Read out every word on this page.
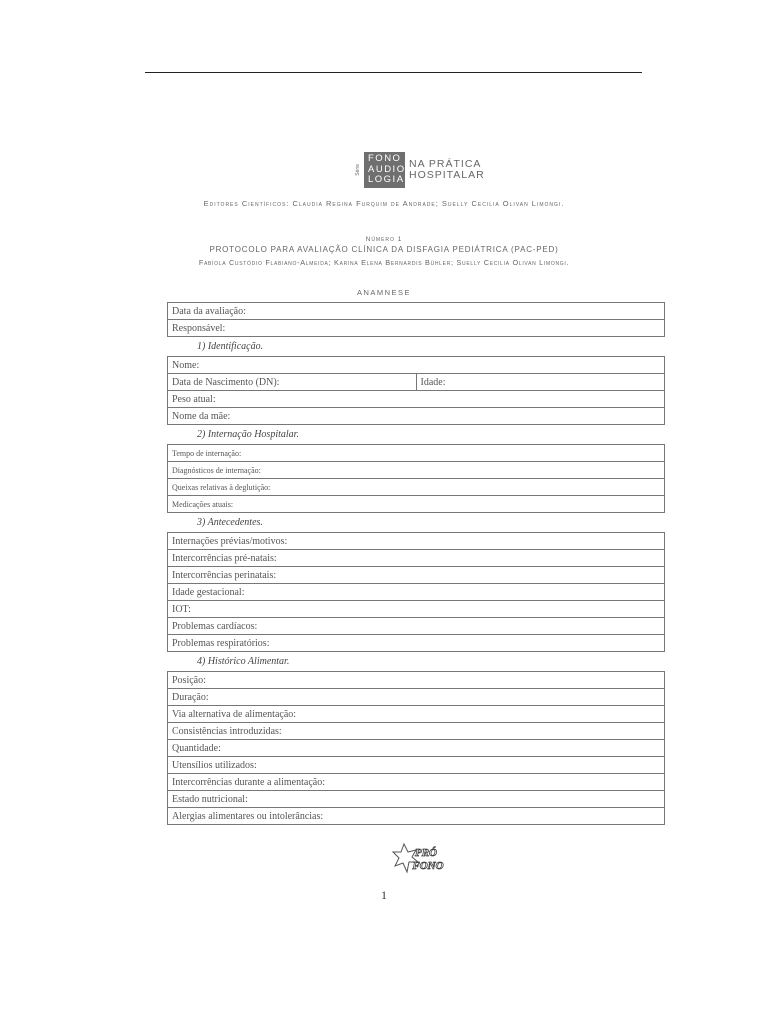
Série
FONO
AUDIO
LOGIA
NA PRÁTICA
HOSPITALAR
Editores Científicos: Claudia Regina Furquim de Andrade; Suelly Cecilia Olivan Limongi.
Número 1
PROTOCOLO PARA AVALIAÇÃO CLÍNICA DA DISFAGIA PEDIÁTRICA (PAC-PED)
Fabíola Custódio Flabiano-Almeida; Karina Elena Bernardis Bühler; Suelly Cecilia Olivan Limongi.
ANAMNESE
Data da avaliação:
Responsável:
1) Identificação.
Nome:
Data de Nascimento (DN):	Idade:
Peso atual:
Nome da mãe:
2) Internação Hospitalar.
Tempo de internação:
Diagnósticos de internação:
Queixas relativas à deglutição:
Medicações atuais:
3) Antecedentes.
Internações prévias/motivos:
Intercorrências pré-natais:
Intercorrências perinatais:
Idade gestacional:
IOT:
Problemas cardíacos:
Problemas respiratórios:
4) Histórico Alimentar.
Posição:
Duração:
Via alternativa de alimentação:
Consistências introduzidas:
Quantidade:
Utensílios utilizados:
Intercorrências durante a alimentação:
Estado nutricional:
Alergias alimentares ou intolerâncias:
PRÓ
FONO
1
